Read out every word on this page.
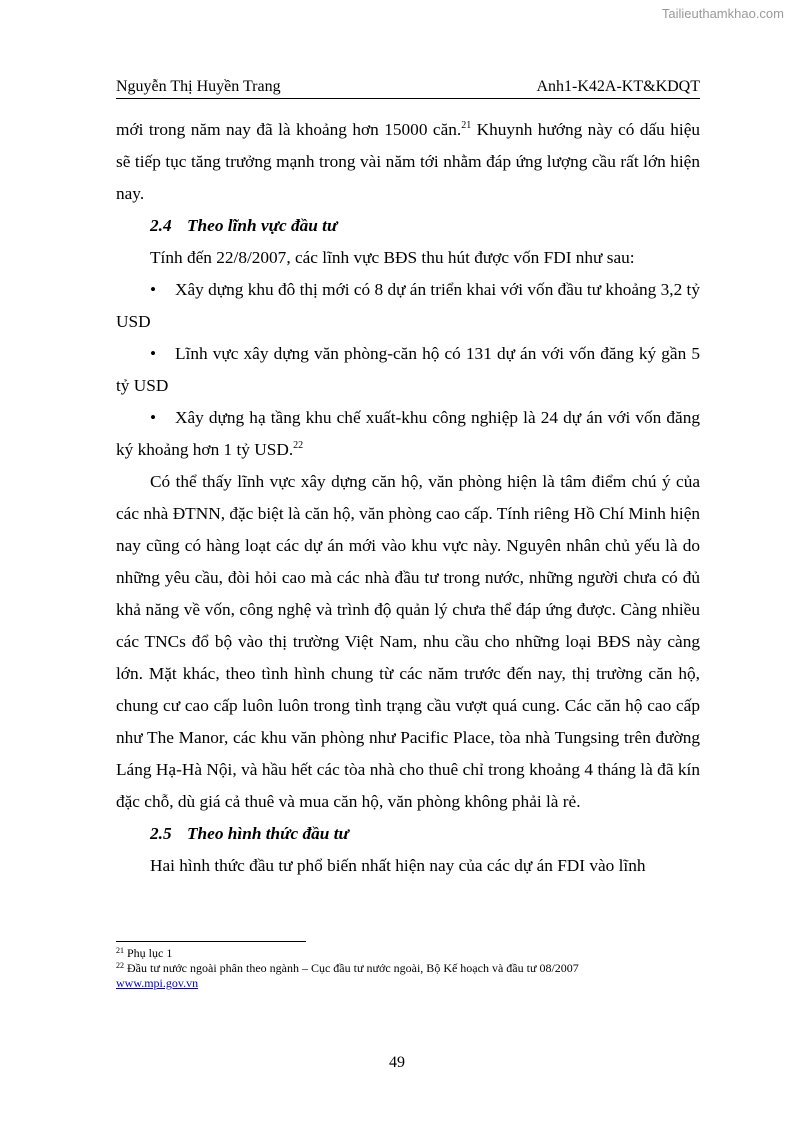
Tailieuthamkhao.com
Nguyễn Thị Huyền Trang	Anh1-K42A-KT&KDQT

mới trong năm nay đã là khoảng hơn 15000 căn.$^{21}$ Khuynh hướng này có dấu hiệu sẽ tiếp tục tăng trưởng mạnh trong vài năm tới nhằm đáp ứng lượng cầu rất lớn hiện nay.

2.4 Theo lĩnh vực đầu tư

Tính đến 22/8/2007, các lĩnh vực BĐS thu hút được vốn FDI như sau:

• Xây dựng khu đô thị mới có 8 dự án triển khai với vốn đầu tư khoảng 3,2 tỷ USD

• Lĩnh vực xây dựng văn phòng-căn hộ có 131 dự án với vốn đăng ký gần 5 tỷ USD

• Xây dựng hạ tầng khu chế xuất-khu công nghiệp là 24 dự án với vốn đăng ký khoảng hơn 1 tỷ USD.$^{22}$

Có thể thấy lĩnh vực xây dựng căn hộ, văn phòng hiện là tâm điểm chú ý của các nhà ĐTNN, đặc biệt là căn hộ, văn phòng cao cấp. Tính riêng Hồ Chí Minh hiện nay cũng có hàng loạt các dự án mới vào khu vực này. Nguyên nhân chủ yếu là do những yêu cầu, đòi hỏi cao mà các nhà đầu tư trong nước, những người chưa có đủ khả năng về vốn, công nghệ và trình độ quản lý chưa thể đáp ứng được. Càng nhiều các TNCs đổ bộ vào thị trường Việt Nam, nhu cầu cho những loại BĐS này càng lớn. Mặt khác, theo tình hình chung từ các năm trước đến nay, thị trường căn hộ, chung cư cao cấp luôn luôn trong tình trạng cầu vượt quá cung. Các căn hộ cao cấp như The Manor, các khu văn phòng như Pacific Place, tòa nhà Tungsing trên đường Láng Hạ-Hà Nội, và hầu hết các tòa nhà cho thuê chỉ trong khoảng 4 tháng là đã kín đặc chỗ, dù giá cả thuê và mua căn hộ, văn phòng không phải là rẻ.

2.5 Theo hình thức đầu tư

Hai hình thức đầu tư phổ biến nhất hiện nay của các dự án FDI vào lĩnh

$^{21}$ Phụ lục 1

$^{22}$ Đầu tư nước ngoài phân theo ngành – Cục đầu tư nước ngoài, Bộ Kế hoạch và đầu tư 08/2007

www.mpi.gov.vn

49
